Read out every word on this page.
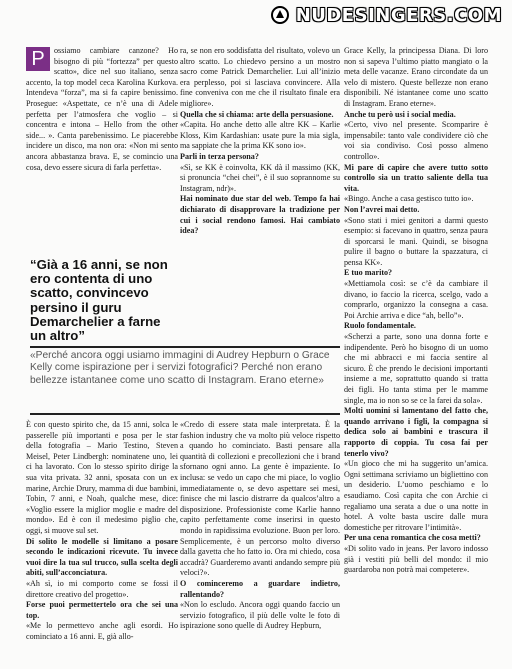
NUDESINGERS.COM
P	ossiamo cambiare canzone? Ho bisogno di più “fortezza” per questo scatto», dice nel suo italiano, senza accento, la top model ceca Karolina Kurkova. Intendeva “forza”, ma si fa capire benissimo. Prosegue: «Aspettate, ce n’è una di Adele perfetta per l’atmosfera che voglio – si concentra e intona – Hello from the other side... ». Canta parebenissimo. Le piacerebbe incidere un disco, ma non ora: «Non mi sento ancora abbastanza brava. E, se comincio una cosa, devo essere sicura di farla perfetta».

ra, se non ero soddisfatta del risultato, volevo un altro scatto. Lo chiedevo persino a un mostro sacro come Patrick Demarchelier. Lui all’inizio era perplesso, poi si lasciava convincere. Alla fine conveniva con me che il risultato finale era migliore».

Quella che si chiama: arte della persuasione.

«Capita. Ho anche detto alle altre KK – Karlie Kloss, Kim Kardashian: usate pure la mia sigla, ma sappiate che la prima KK sono io».

Parli in terza persona?

«Sì, se KK è coinvolta, KK dà il massimo (KK, si pronuncia “chei chei”, è il suo soprannome su Instagram, ndr)».

Hai nominato due star del web. Tempo fa hai dichiarato di disapprovare la tradizione per cui i social rendono famosi. Hai cambiato idea?

Grace Kelly, la principessa Diana. Di loro non si sapeva l’ultimo piatto mangiato o la meta delle vacanze. Erano circondate da un velo di mistero. Queste bellezze non erano disponibili. Né istantanee come uno scatto di Instagram. Erano eterne».

Anche tu però usi i social media.

«Certo, vivo nel presente. Scomparire è impensabile: tanto vale condividere ciò che voi sia condiviso. Così posso almeno controllo».

Mi pare di capire che avere tutto sotto controllo sia un tratto saliente della tua vita.

«Bingo. Anche a casa gestisco tutto io».

Non l’avrei mai detto.

«Sono stati i miei genitori a darmi questo esempio: si facevano in quattro, senza paura di sporcarsi le mani. Quindi, se bisogna pulire il bagno o buttare la spazzatura, ci pensa KK».

E tuo marito?

«Mettiamola così: se c’è da cambiare il divano, io faccio la ricerca, scelgo, vado a comprarlo, organizzo la consegna a casa. Poi Archie arriva e dice “ah, bello”».

Ruolo fondamentale.

«Scherzi a parte, sono una donna forte e indipendente. Però ho bisogno di un uomo che mi abbracci e mi faccia sentire al sicuro. È che prendo le decisioni importanti insieme a me, soprattutto quando si tratta dei figli. Ho tanta stima per le mamme single, ma io non so se ce la farei da sola».

Molti uomini si lamentano del fatto che, quando arrivano i figli, la compagna si dedica solo ai bambini e trascura il rapporto di coppia. Tu cosa fai per tenerlo vivo?

«Un gioco che mi ha suggerito un’amica. Ogni settimana scriviamo un bigliettino con un desiderio. L’uomo peschiamo e lo esaudiamo. Così capita che con Archie ci regaliamo una serata a due o una notte in hotel. A volte basta uscire dalle mura domestiche per ritrovare l’intimità».

Per una cena romantica che cosa metti?

«Di solito vado in jeans. Per lavoro indosso già i vestiti più belli del mondo: il mio guardaroba non potrà mai competere».

“Già a 16 anni, se non ero contenta di uno scatto, convincevo persino il guru Demarchelier a farne un altro”
«Perché ancora oggi usiamo immagini di Audrey Hepburn o Grace Kelly come ispirazione per i servizi fotografici? Perché non erano bellezze istantanee come uno scatto di Instagram. Erano eterne»

È con questo spirito che, da 15 anni, solca le passerelle più importanti e posa per le star della fotografia – Mario Testino, Steven Meisel, Peter Lindbergh: nominatene uno, lei ci ha lavorato. Con lo stesso spirito dirige la sua vita privata. 32 anni, sposata con un ex marine, Archie Drury, mamma di due bambini, Tobin, 7 anni, e Noah, qualche mese, dice: «Voglio essere la miglior moglie e madre del mondo». Ed è con il medesimo piglio che, oggi, si muove sul set.

Di solito le modelle si limitano a posare secondo le indicazioni ricevute. Tu invece vuoi dire la tua sul trucco, sulla scelta degli abiti, sull’acconciatura.

«Ah sì, io mi comporto come se fossi il direttore creativo del progetto».

Forse puoi permettertelo ora che sei una top.

«Me lo permettevo anche agli esordi. Ho cominciato a 16 anni. E, già allo-

«Credo di essere stata male interpretata. È la fashion industry che va molto più veloce rispetto a quando ho cominciato. Basti pensare alla quantità di collezioni e precollezioni che i brand sfornano ogni anno. La gente è impaziente. Io inclusa: se vedo un capo che mi piace, lo voglio immediatamente o, se devo aspettare sei mesi, finisce che mi lascio distrarre da qualcos’altro a disposizione. Professioniste come Karlie hanno capito perfettamente come inserirsi in questo mondo in rapidissima evoluzione. Buon per loro. Semplicemente, è un percorso molto diverso dalla gavetta che ho fatto io. Ora mi chiedo, cosa accadrà? Guarderemo avanti andando sempre più veloci?».

O cominceremo a guardare indietro, rallentando?

«Non lo escludo. Ancora oggi quando faccio un servizio fotografico, il più delle volte le foto di ispirazione sono quelle di Audrey Hepburn,
